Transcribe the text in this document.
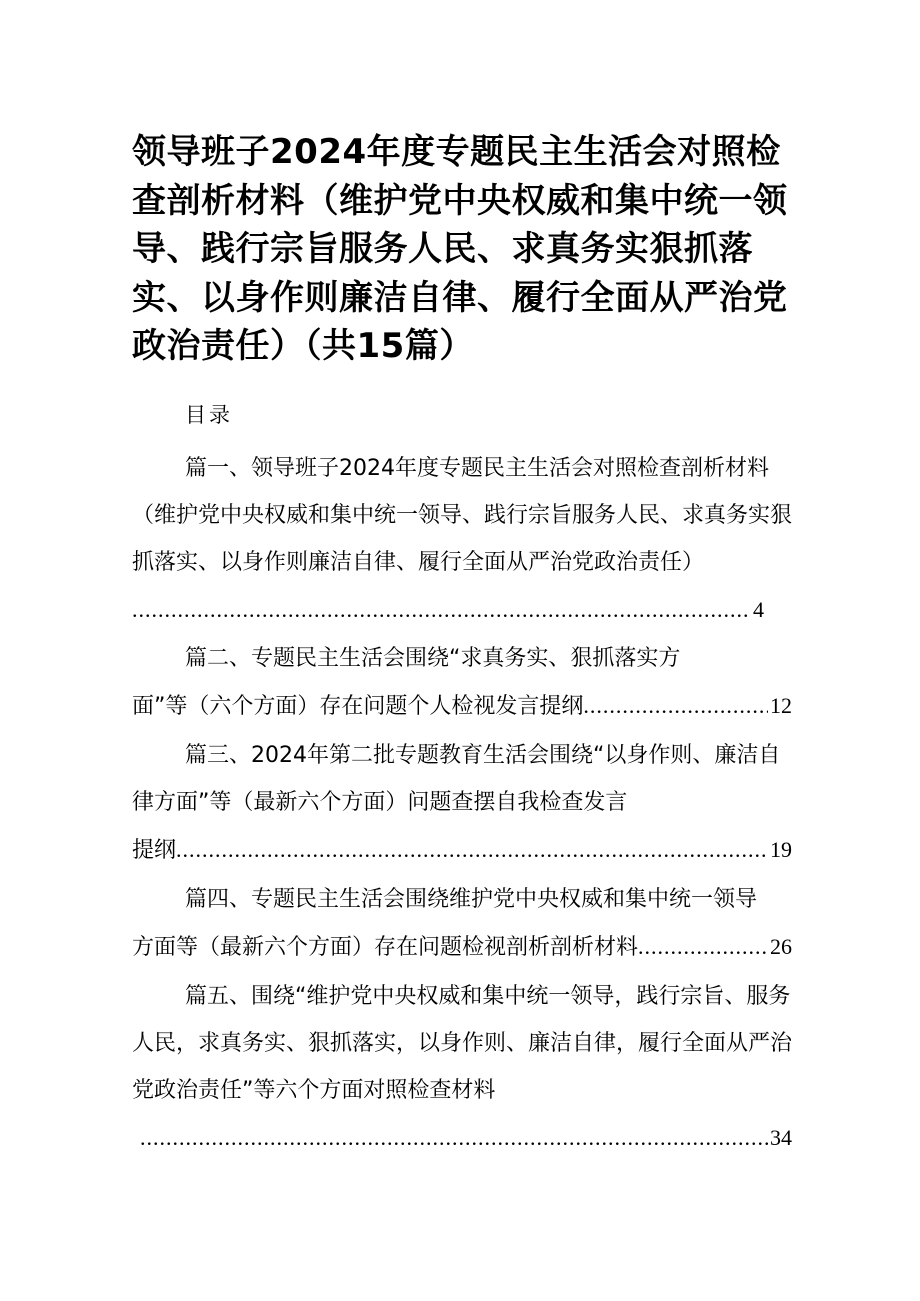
领导班子2024年度专题民主生活会对照检查剖析材料（维护党中央权威和集中统一领导、践行宗旨服务人民、求真务实狠抓落实、以身作则廉洁自律、履行全面从严治党政治责任）（共15篇）
目录

篇一、领导班子2024年度专题民主生活会对照检查剖析材料（维护党中央权威和集中统一领导、践行宗旨服务人民、求真务实狠抓落实、以身作则廉洁自律、履行全面从严治党政治责任）

.....
4

篇二、专题民主生活会围绕“求真务实、狠抓落实方

面”等（六个方面）存在问题个人检视发言提纲 .....	12

篇三、2024年第二批专题教育生活会围绕“以身作则、廉洁自律方面”等（最新六个方面）问题查摆自我检查发言

提纲 .....	19

篇四、专题民主生活会围绕维护党中央权威和集中统一领导

方面等（最新六个方面）存在问题检视剖析剖析材料 .....	26

篇五、围绕“维护党中央权威和集中统一领导，践行宗旨、服务人民，求真务实、狠抓落实，以身作则、廉洁自律，履行全面从严治党政治责任”等六个方面对照检查材料

.....
34
